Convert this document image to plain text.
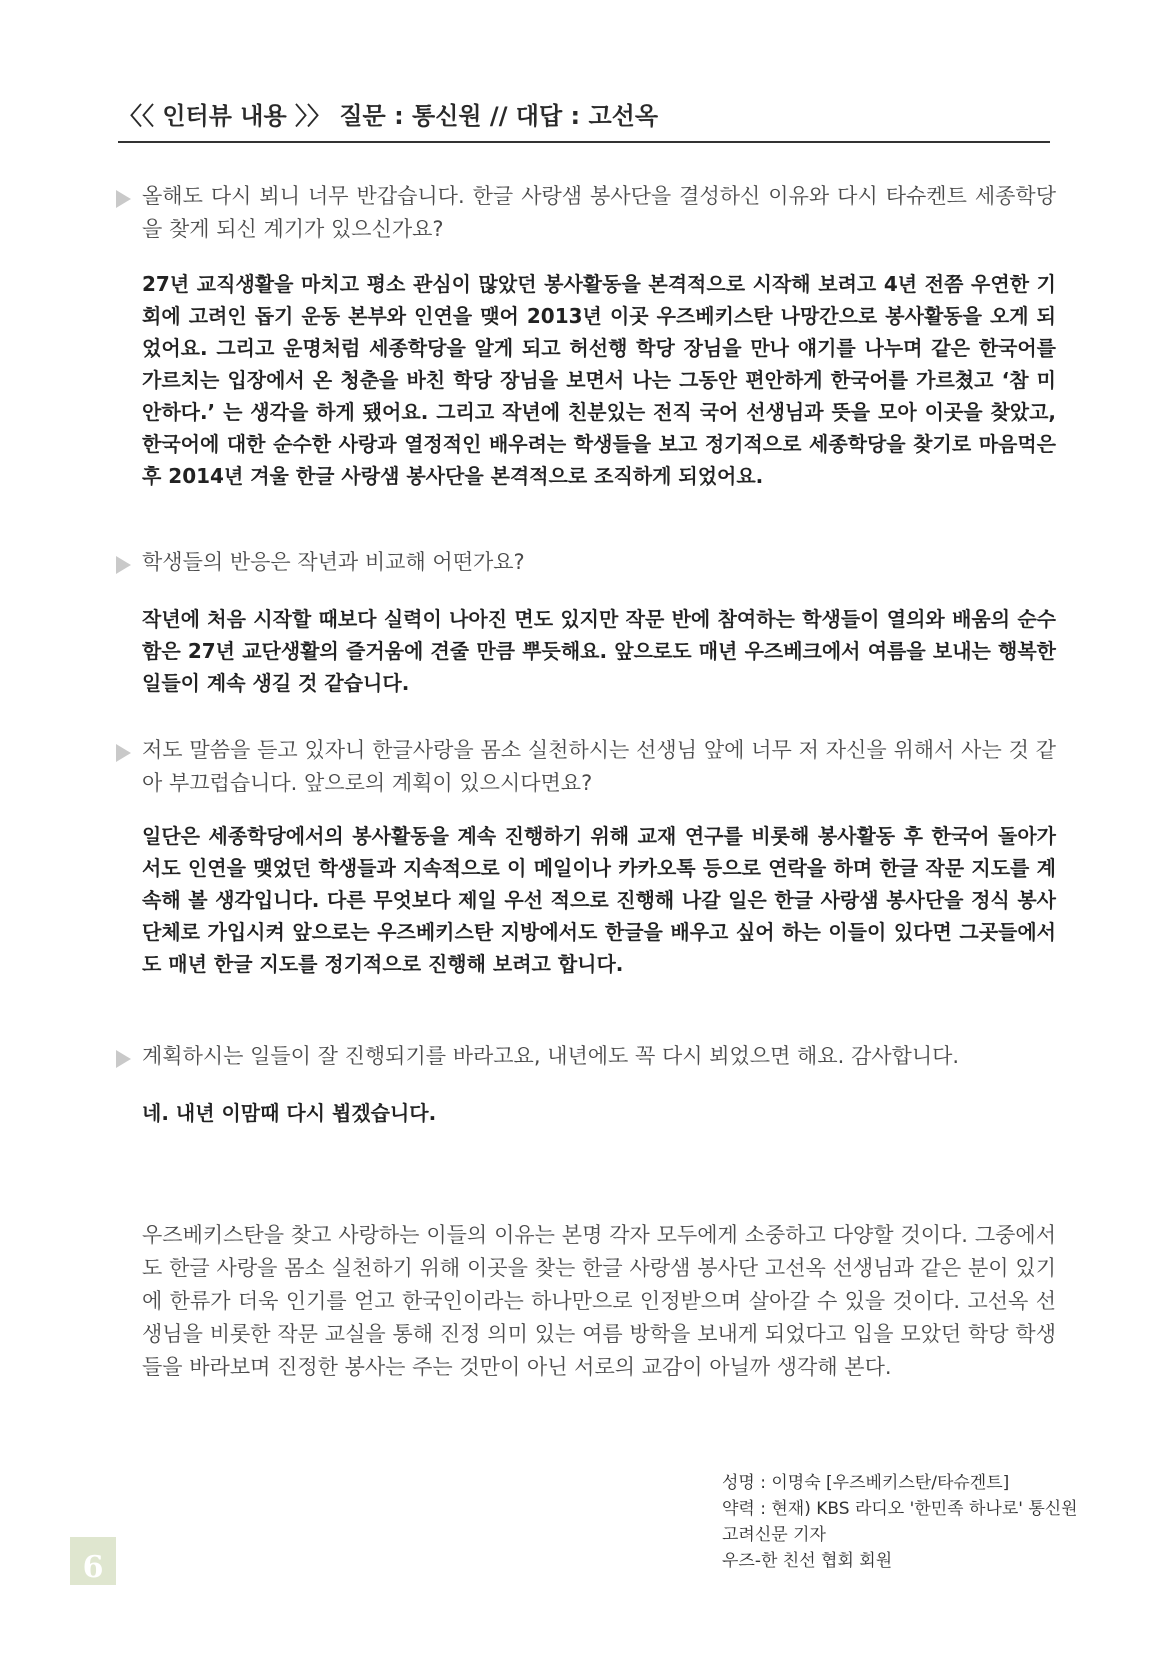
〈〈 인터뷰 내용 〉〉 질문 : 통신원 // 대답 : 고선옥
올해도 다시 뵈니 너무 반갑습니다. 한글 사랑샘 봉사단을 결성하신 이유와 다시 타슈켄트 세종학당을 찾게 되신 계기가 있으신가요?
27년 교직생활을 마치고 평소 관심이 많았던 봉사활동을 본격적으로 시작해 보려고 4년 전쯤 우연한 기회에 고려인 돕기 운동 본부와 인연을 맺어 2013년 이곳 우즈베키스탄 나망간으로 봉사활동을 오게 되었어요. 그리고 운명처럼 세종학당을 알게 되고 허선행 학당 장님을 만나 얘기를 나누며 같은 한국어를 가르치는 입장에서 온 청춘을 바친 학당 장님을 보면서 나는 그동안 편안하게 한국어를 가르쳤고 ‘참 미안하다.’ 는 생각을 하게 됐어요. 그리고 작년에 친분있는 전직 국어 선생님과 뜻을 모아 이곳을 찾았고, 한국어에 대한 순수한 사랑과 열정적인 배우려는 학생들을 보고 정기적으로 세종학당을 찾기로 마음먹은 후 2014년 겨울 한글 사랑샘 봉사단을 본격적으로 조직하게 되었어요.
학생들의 반응은 작년과 비교해 어떤가요?
작년에 처음 시작할 때보다 실력이 나아진 면도 있지만 작문 반에 참여하는 학생들이 열의와 배움의 순수함은 27년 교단생활의 즐거움에 견줄 만큼 뿌듯해요. 앞으로도 매년 우즈베크에서 여름을 보내는 행복한 일들이 계속 생길 것 같습니다.
저도 말씀을 듣고 있자니 한글사랑을 몸소 실천하시는 선생님 앞에 너무 저 자신을 위해서 사는 것 같아 부끄럽습니다. 앞으로의 계획이 있으시다면요?
일단은 세종학당에서의 봉사활동을 계속 진행하기 위해 교재 연구를 비롯해 봉사활동 후 한국어 돌아가서도 인연을 맺었던 학생들과 지속적으로 이 메일이나 카카오톡 등으로 연락을 하며 한글 작문 지도를 계속해 볼 생각입니다. 다른 무엇보다 제일 우선 적으로 진행해 나갈 일은 한글 사랑샘 봉사단을 정식 봉사단체로 가입시켜 앞으로는 우즈베키스탄 지방에서도 한글을 배우고 싶어 하는 이들이 있다면 그곳들에서도 매년 한글 지도를 정기적으로 진행해 보려고 합니다.
계획하시는 일들이 잘 진행되기를 바라고요, 내년에도 꼭 다시 뵈었으면 해요. 감사합니다.
네. 내년 이맘때 다시 뵙겠습니다.
우즈베키스탄을 찾고 사랑하는 이들의 이유는 본명 각자 모두에게 소중하고 다양할 것이다. 그중에서도 한글 사랑을 몸소 실천하기 위해 이곳을 찾는 한글 사랑샘 봉사단 고선옥 선생님과 같은 분이 있기에 한류가 더욱 인기를 얻고 한국인이라는 하나만으로 인정받으며 살아갈 수 있을 것이다. 고선옥 선생님을 비롯한 작문 교실을 통해 진정 의미 있는 여름 방학을 보내게 되었다고 입을 모았던 학당 학생들을 바라보며 진정한 봉사는 주는 것만이 아닌 서로의 교감이 아닐까 생각해 본다.
성명 : 이명숙 [우즈베키스탄/타슈겐트]
약력 : 현재) KBS 라디오 '한민족 하나로' 통신원
고려신문 기자
우즈-한 친선 협회 회원
6
